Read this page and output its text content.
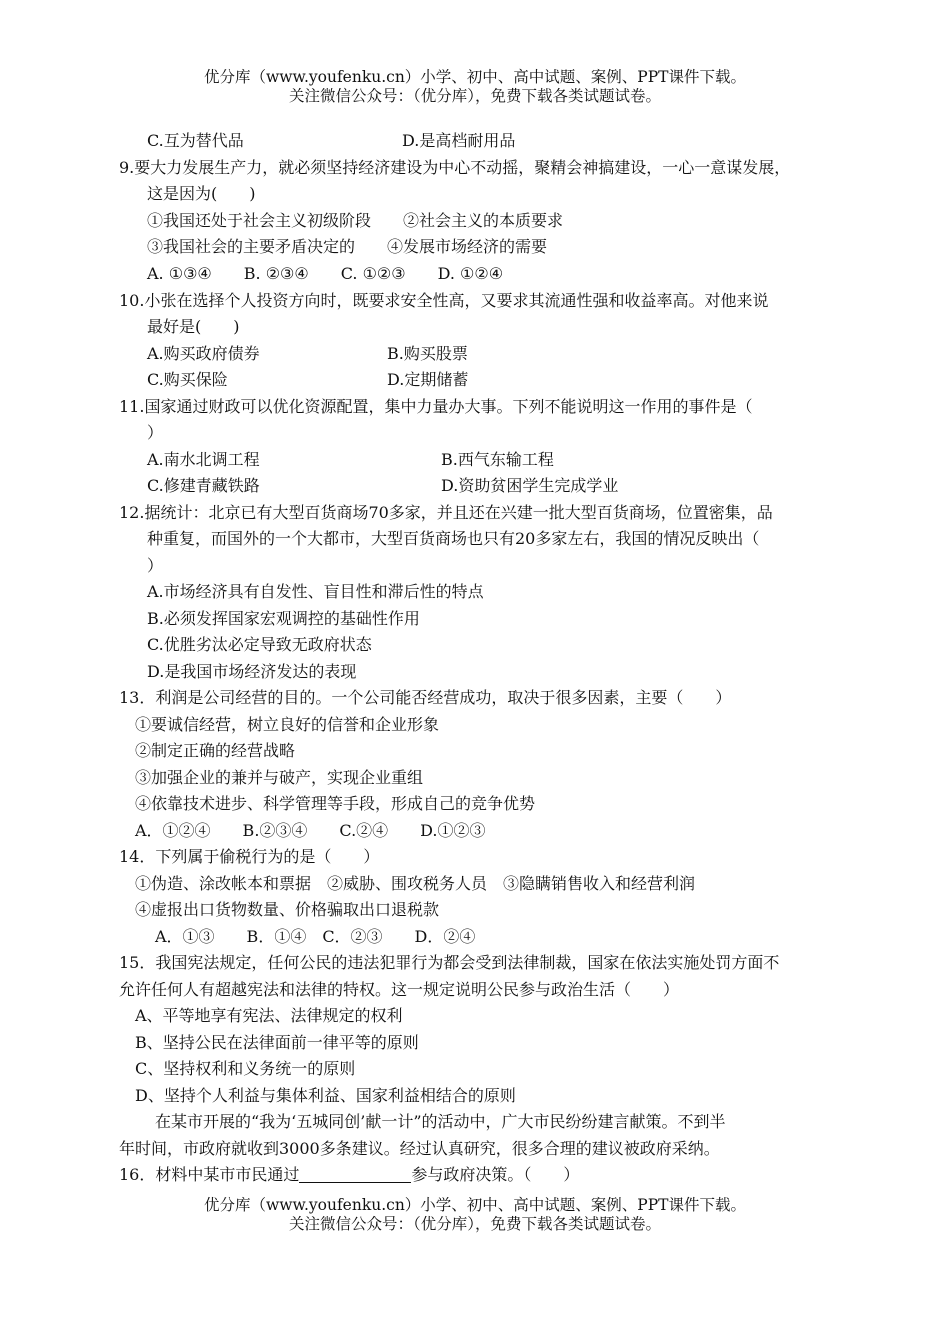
优分库（www.youfenku.cn）小学、初中、高中试题、案例、PPT课件下载。
关注微信公众号：（优分库），免费下载各类试题试卷。
C.互为替代品	D.是高档耐用品
9.要大力发展生产力，就必须坚持经济建设为中心不动摇，聚精会神搞建设，一心一意谋发展，
这是因为(　　)
①我国还处于社会主义初级阶段　　②社会主义的本质要求
③我国社会的主要矛盾决定的　　④发展市场经济的需要
A. ①③④　　B. ②③④　　C. ①②③　　D. ①②④
10.小张在选择个人投资方向时，既要求安全性高，又要求其流通性强和收益率高。对他来说
最好是(　　)
A.购买政府债券	B.购买股票
C.购买保险	D.定期储蓄
11.国家通过财政可以优化资源配置，集中力量办大事。下列不能说明这一作用的事件是（
）
A.南水北调工程	B.西气东输工程
C.修建青藏铁路	D.资助贫困学生完成学业
12.据统计：北京已有大型百货商场70多家，并且还在兴建一批大型百货商场，位置密集，品
种重复，而国外的一个大都市，大型百货商场也只有20多家左右，我国的情况反映出（
）
A.市场经济具有自发性、盲目性和滞后性的特点
B.必须发挥国家宏观调控的基础性作用
C.优胜劣汰必定导致无政府状态
D.是我国市场经济发达的表现
13．利润是公司经营的目的。一个公司能否经营成功，取决于很多因素，主要（　　）
①要诚信经营，树立良好的信誉和企业形象
②制定正确的经营战略
③加强企业的兼并与破产，实现企业重组
④依靠技术进步、科学管理等手段，形成自己的竞争优势
A．①②④　　B.②③④　　C.②④　　D.①②③
14．下列属于偷税行为的是（　　）
①伪造、涂改帐本和票据　②威胁、围攻税务人员　③隐瞒销售收入和经营利润
④虚报出口货物数量、价格骗取出口退税款
A．①③　　B．①④　C．②③　　D．②④
15．我国宪法规定，任何公民的违法犯罪行为都会受到法律制裁，国家在依法实施处罚方面不
允许任何人有超越宪法和法律的特权。这一规定说明公民参与政治生活（　　）
A、平等地享有宪法、法律规定的权利
B、坚持公民在法律面前一律平等的原则
C、坚持权利和义务统一的原则
D、坚持个人利益与集体利益、国家利益相结合的原则
在某市开展的“我为‘五城同创’献一计”的活动中，广大市民纷纷建言献策。不到半
年时间，市政府就收到3000多条建议。经过认真研究，很多合理的建议被政府采纳。
16．材料中某市市民通过	参与政府决策。（　　）
优分库（www.youfenku.cn）小学、初中、高中试题、案例、PPT课件下载。
关注微信公众号：（优分库），免费下载各类试题试卷。
